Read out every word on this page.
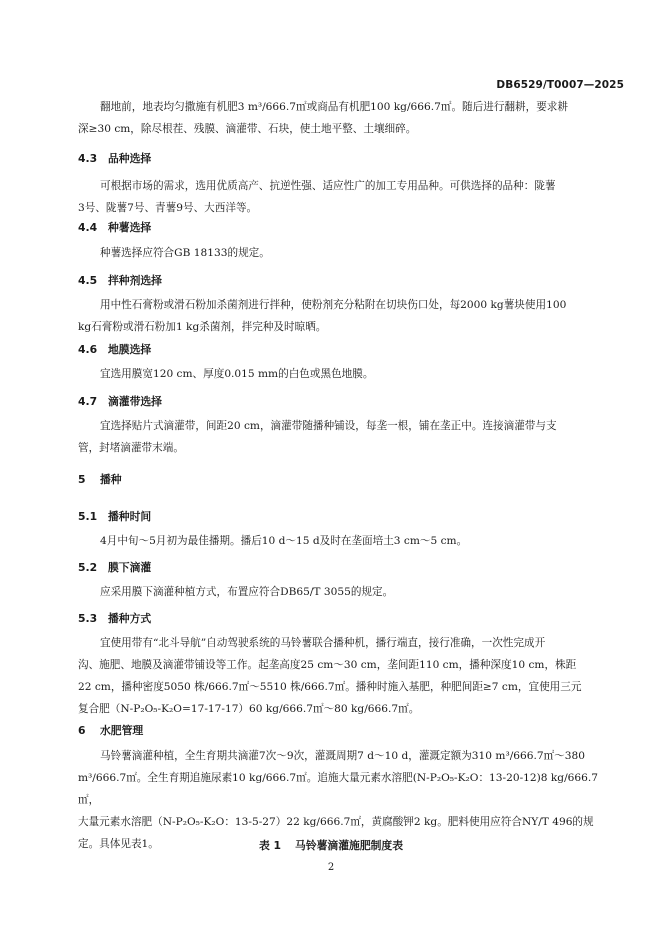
DB6529/T0007—2025

翻地前，地表均匀撒施有机肥3 m³/666.7㎡或商品有机肥100 kg/666.7㎡。随后进行翻耕，要求耕
深≥30 cm，除尽根茬、残膜、滴灌带、石块，使土地平整、土壤细碎。

4.3 品种选择

可根据市场的需求，选用优质高产、抗逆性强、适应性广的加工专用品种。可供选择的品种：陇薯
3号、陇薯7号、青薯9号、大西洋等。

4.4 种薯选择

种薯选择应符合GB 18133的规定。

4.5 拌种剂选择

用中性石膏粉或滑石粉加杀菌剂进行拌种，使粉剂充分粘附在切块伤口处，每2000 kg薯块使用100
kg石膏粉或滑石粉加1 kg杀菌剂，拌完种及时晾晒。

4.6 地膜选择

宜选用膜宽120 cm、厚度0.015 mm的白色或黑色地膜。

4.7 滴灌带选择

宜选择贴片式滴灌带，间距20 cm，滴灌带随播种铺设，每垄一根，铺在垄正中。连接滴灌带与支
管，封堵滴灌带末端。

5 播种
5.1 播种时间

4月中旬～5月初为最佳播期。播后10 d～15 d及时在垄面培土3 cm～5 cm。

5.2 膜下滴灌

应采用膜下滴灌种植方式，布置应符合DB65/T 3055的规定。

5.3 播种方式

宜使用带有“北斗导航”自动驾驶系统的马铃薯联合播种机，播行端直，接行准确，一次性完成开
沟、施肥、地膜及滴灌带铺设等工作。起垄高度25 cm～30 cm，垄间距110 cm，播种深度10 cm，株距
22 cm，播种密度5050 株/666.7㎡～5510 株/666.7㎡。播种时施入基肥，种肥间距≥7 cm，宜使用三元
复合肥（N-P₂O₅-K₂O=17-17-17）60 kg/666.7㎡～80 kg/666.7㎡。

6 水肥管理

马铃薯滴灌种植，全生育期共滴灌7次～9次，灌溉周期7 d～10 d，灌溉定额为310 m³/666.7㎡～380
m³/666.7㎡。全生育期追施尿素10 kg/666.7㎡。追施大量元素水溶肥(N-P₂O₅-K₂O：13-20-12)8 kg/666.7㎡，
大量元素水溶肥（N-P₂O₅-K₂O：13-5-27）22 kg/666.7㎡，黄腐酸钾2 kg。肥料使用应符合NY/T 496的规
定。具体见表1。	表 1 马铃薯滴灌施肥制度表
2
